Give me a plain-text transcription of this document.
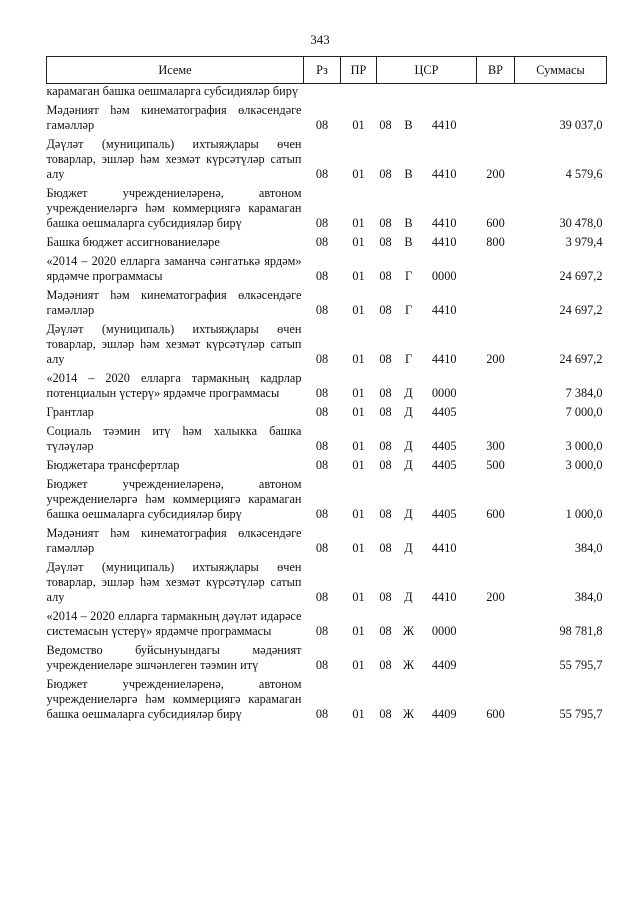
343
Исеме	Рз	ПР	ЦСР	ВР	Суммасы
карамаган башка оешмаларга субсидияләр бирү					
Мәдәният һәм кинематография өлкәсендәге гамәлләр	08	01	08 В 4410		39 037,0
Дәүләт (муниципаль) ихтыяҗлары өчен товарлар, эшләр һәм хезмәт күрсәтүләр сатып алу	08	01	08 В 4410	200	4 579,6
Бюджет учреждениеләренә, автоном учреждениеләргә һәм коммерциягә карамаган башка оешмаларга субсидияләр бирү	08	01	08 В 4410	600	30 478,0
Башка бюджет ассигнованиеләре	08	01	08 В 4410	800	3 979,4
«2014 – 2020 елларга заманча сәнгатькә ярдәм» ярдәмче программасы	08	01	08 Г 0000		24 697,2
Мәдәният һәм кинематография өлкәсендәге гамәлләр	08	01	08 Г 4410		24 697,2
Дәүләт (муниципаль) ихтыяҗлары өчен товарлар, эшләр һәм хезмәт күрсәтүләр сатып алу	08	01	08 Г 4410	200	24 697,2
«2014 – 2020 елларга тармакның кадрлар потенциалын үстерү» ярдәмче программасы	08	01	08 Д 0000		7 384,0
Грантлар	08	01	08 Д 4405		7 000,0
Социаль тәэмин итү һәм халыкка башка түләүләр	08	01	08 Д 4405	300	3 000,0
Бюджетара трансфертлар	08	01	08 Д 4405	500	3 000,0
Бюджет учреждениеләренә, автоном учреждениеләргә һәм коммерциягә карамаган башка оешмаларга субсидияләр бирү	08	01	08 Д 4405	600	1 000,0
Мәдәният һәм кинематография өлкәсендәге гамәлләр	08	01	08 Д 4410		384,0
Дәүләт (муниципаль) ихтыяҗлары өчен товарлар, эшләр һәм хезмәт күрсәтүләр сатып алу	08	01	08 Д 4410	200	384,0
«2014 – 2020 елларга тармакның дәүләт идарәсе системасын үстерү» ярдәмче программасы	08	01	08 Ж 0000		98 781,8
Ведомство буйсынуындагы мәдәният учреждениеләре эшчәнлеген тәэмин итү	08	01	08 Ж 4409		55 795,7
Бюджет учреждениеләренә, автоном учреждениеләргә һәм коммерциягә карамаган башка оешмаларга субсидияләр бирү	08	01	08 Ж 4409	600	55 795,7
